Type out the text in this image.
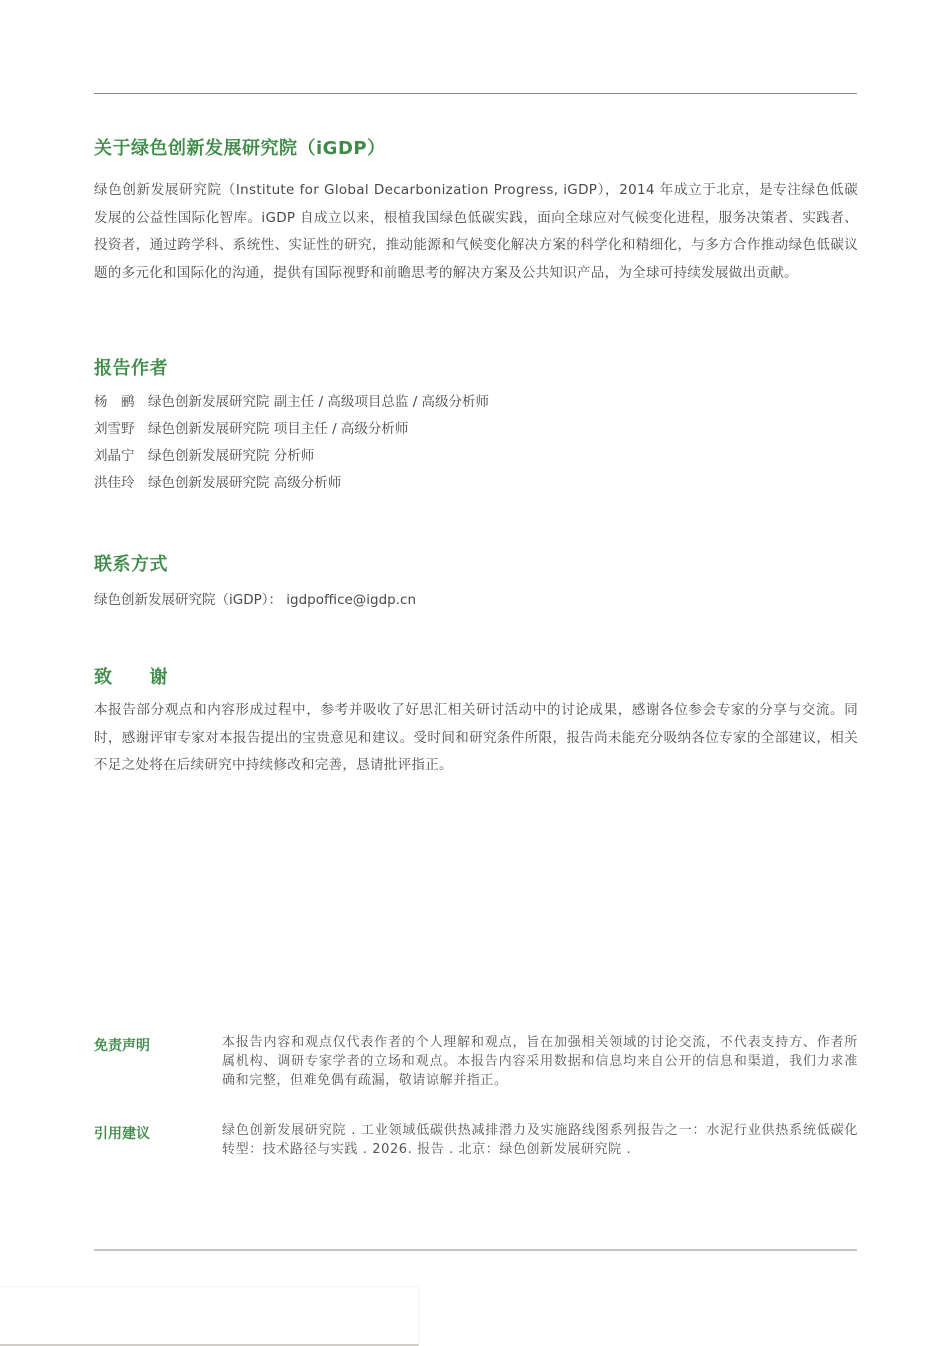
关于绿色创新发展研究院（iGDP）

绿色创新发展研究院（Institute for Global Decarbonization Progress, iGDP），2014 年成立于北京，是专注绿色低碳发展的公益性国际化智库。iGDP 自成立以来，根植我国绿色低碳实践，面向全球应对气候变化进程，服务决策者、实践者、投资者，通过跨学科、系统性、实证性的研究，推动能源和气候变化解决方案的科学化和精细化，与多方合作推动绿色低碳议题的多元化和国际化的沟通，提供有国际视野和前瞻思考的解决方案及公共知识产品，为全球可持续发展做出贡献。

报告作者
杨　鹂	绿色创新发展研究院 副主任 / 高级项目总监 / 高级分析师
刘雪野	绿色创新发展研究院 项目主任 / 高级分析师
刘晶宁	绿色创新发展研究院 分析师
洪佳玲	绿色创新发展研究院 高级分析师
联系方式
绿色创新发展研究院（iGDP）： igdpoffice@igdp.cn
致　　谢

本报告部分观点和内容形成过程中，参考并吸收了好思汇相关研讨活动中的讨论成果，感谢各位参会专家的分享与交流。同时，感谢评审专家对本报告提出的宝贵意见和建议。受时间和研究条件所限，报告尚未能充分吸纳各位专家的全部建议，相关不足之处将在后续研究中持续修改和完善，恳请批评指正。

免责声明	本报告内容和观点仅代表作者的个人理解和观点，旨在加强相关领域的讨论交流，不代表支持方、作者所属机构、调研专家学者的立场和观点。本报告内容采用数据和信息均来自公开的信息和渠道，我们力求准确和完整，但难免偶有疏漏，敬请谅解并指正。

引用建议	绿色创新发展研究院 . 工业领域低碳供热减排潜力及实施路线图系列报告之一：水泥行业供热系统低碳化转型：技术路径与实践 . 2026. 报告 . 北京：绿色创新发展研究院 .
